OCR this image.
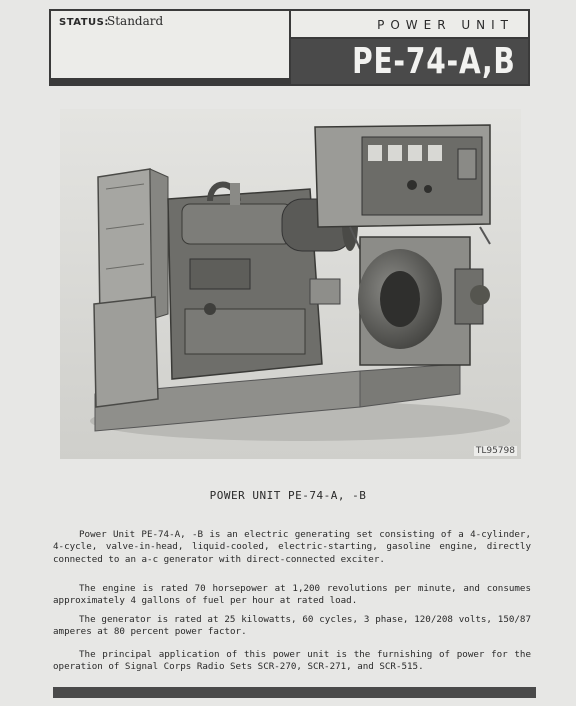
STATUS:
Standard	POWER UNIT
PE-74-A,B
TL95798
POWER UNIT PE-74-A, -B

Power Unit PE-74-A, -B is an electric generating set consisting of a 4-cylinder, 4-cycle, valve-in-head, liquid-cooled, electric-starting, gasoline engine, directly connected to an a-c generator with direct-connected exciter.

The engine is rated 70 horsepower at 1,200 revolutions per minute, and consumes approximately 4 gallons of fuel per hour at rated load.

The generator is rated at 25 kilowatts, 60 cycles, 3 phase, 120/208 volts, 150/87 amperes at 80 percent power factor.

The principal application of this power unit is the furnishing of power for the operation of Signal Corps Radio Sets SCR-270, SCR-271, and SCR-515.
